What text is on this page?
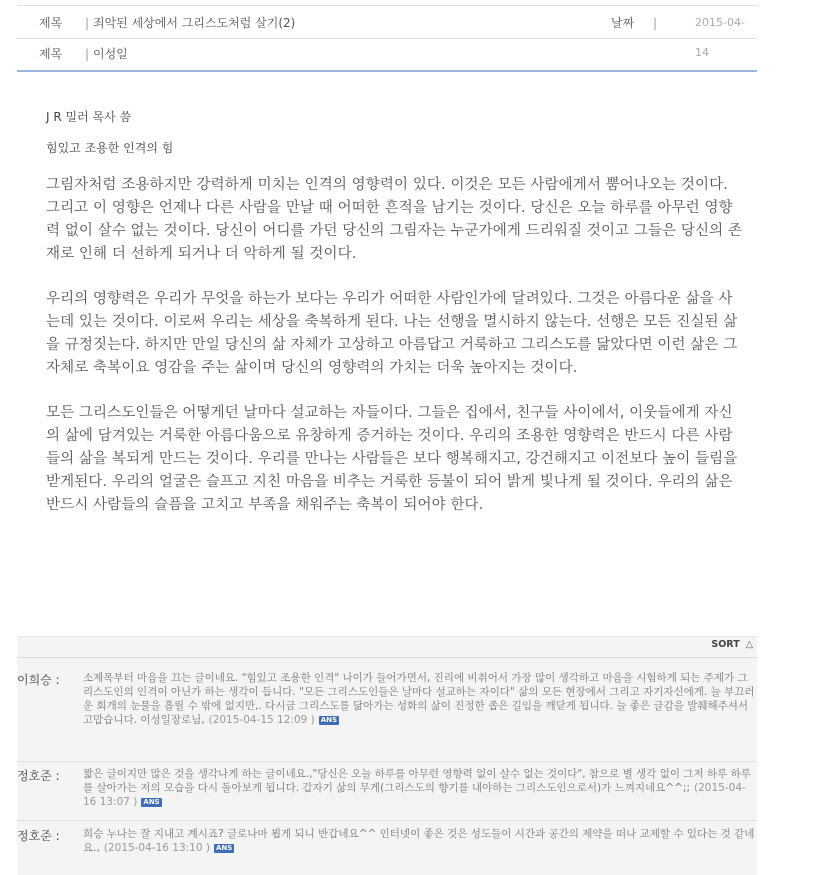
제목 | 죄악된 세상에서 그리스도처럼 살기(2)	날짜 |	2015-04-14
제목 | 이성일
J R 밀러 목사 씀
힘있고 조용한 인격의 힘
그림자처럼 조용하지만 강력하게 미치는 인격의 영향력이 있다. 이것은 모든 사람에게서 뿜어나오는 것이다. 그리고 이 영향은 언제나 다른 사람을 만날 때 어떠한 흔적을 남기는 것이다. 당신은 오늘 하루를 아무런 영향력 없이 살수 없는 것이다. 당신이 어디를 가던 당신의 그림자는 누군가에게 드리워질 것이고 그들은 당신의 존재로 인해 더 선하게 되거나 더 악하게 될 것이다.
우리의 영향력은 우리가 무엇을 하는가 보다는 우리가 어떠한 사람인가에 달려있다. 그것은 아름다운 삶을 사는데 있는 것이다. 이로써 우리는 세상을 축복하게 된다. 나는 선행을 멸시하지 않는다. 선행은 모든 진실된 삶을 규정짓는다. 하지만 만일 당신의 삶 자체가 고상하고 아름답고 거룩하고 그리스도를 닮았다면 이런 삶은 그 자체로 축복이요 영감을 주는 삶이며 당신의 영향력의 가치는 더욱 높아지는 것이다.
모든 그리스도인들은 어떻게던 날마다 설교하는 자들이다. 그들은 집에서, 친구들 사이에서, 이웃들에게 자신의 삶에 담겨있는 거룩한 아름다움으로 유창하게 증거하는 것이다. 우리의 조용한 영향력은 반드시 다른 사람들의 삶을 복되게 만드는 것이다. 우리를 만나는 사람들은 보다 행복해지고, 강건해지고 이전보다 높이 들림을 받게된다. 우리의 얼굴은 슬프고 지친 마음을 비추는 거룩한 등불이 되어 밝게 빛나게 될 것이다. 우리의 삶은 반드시 사람들의 슬픔을 고치고 부족을 채워주는 축복이 되어야 한다.
SORT △
이희승 : 소제목부터 마음을 끄는 글이네요. "힘있고 조용한 인격" 나이가 들어가면서, 진리에 비취어서 가장 많이 생각하고 마음을 시험하게 되는 주제가 그리스도인의 인격이 아닌가 하는 생각이 듭니다. "모든 그리스도인들은 날마다 설교하는 자이다" 삶의 모든 현장에서 그리고 자기자신에게. 늘 부끄러운 회개의 눈물을 흘릴 수 밖에 없지만,. 다시금 그리스도를 닮아가는 성화의 삶이 진정한 좁은 길임을 깨닫게 됩니다. 늘 좋은 글감을 발췌해주셔서 고맙습니다. 이성일장로님, (2015-04-15 12:09 ) ANS
정호준 : 짧은 글이지만 많은 것을 생각나게 하는 글이네요.,"당신은 오늘 하루를 아무런 영향력 없이 살수 없는 것이다", 참으로 별 생각 없이 그저 하루 하루를 살아가는 저의 모습을 다시 돌아보게 됩니다. 갑자기 삶의 무게(그리스도의 향기를 내야하는 그리스도인으로서)가 느껴지네요^^;; (2015-04-16 13:07 ) ANS
정호준 : 희승 누나는 잘 지내고 계시죠? 글로나마 뵙게 되니 반갑네요^^ 인터넷이 좋은 것은 성도들이 시간과 공간의 제약을 떠나 교제할 수 있다는 것 같네요., (2015-04-16 13:10 ) ANS
